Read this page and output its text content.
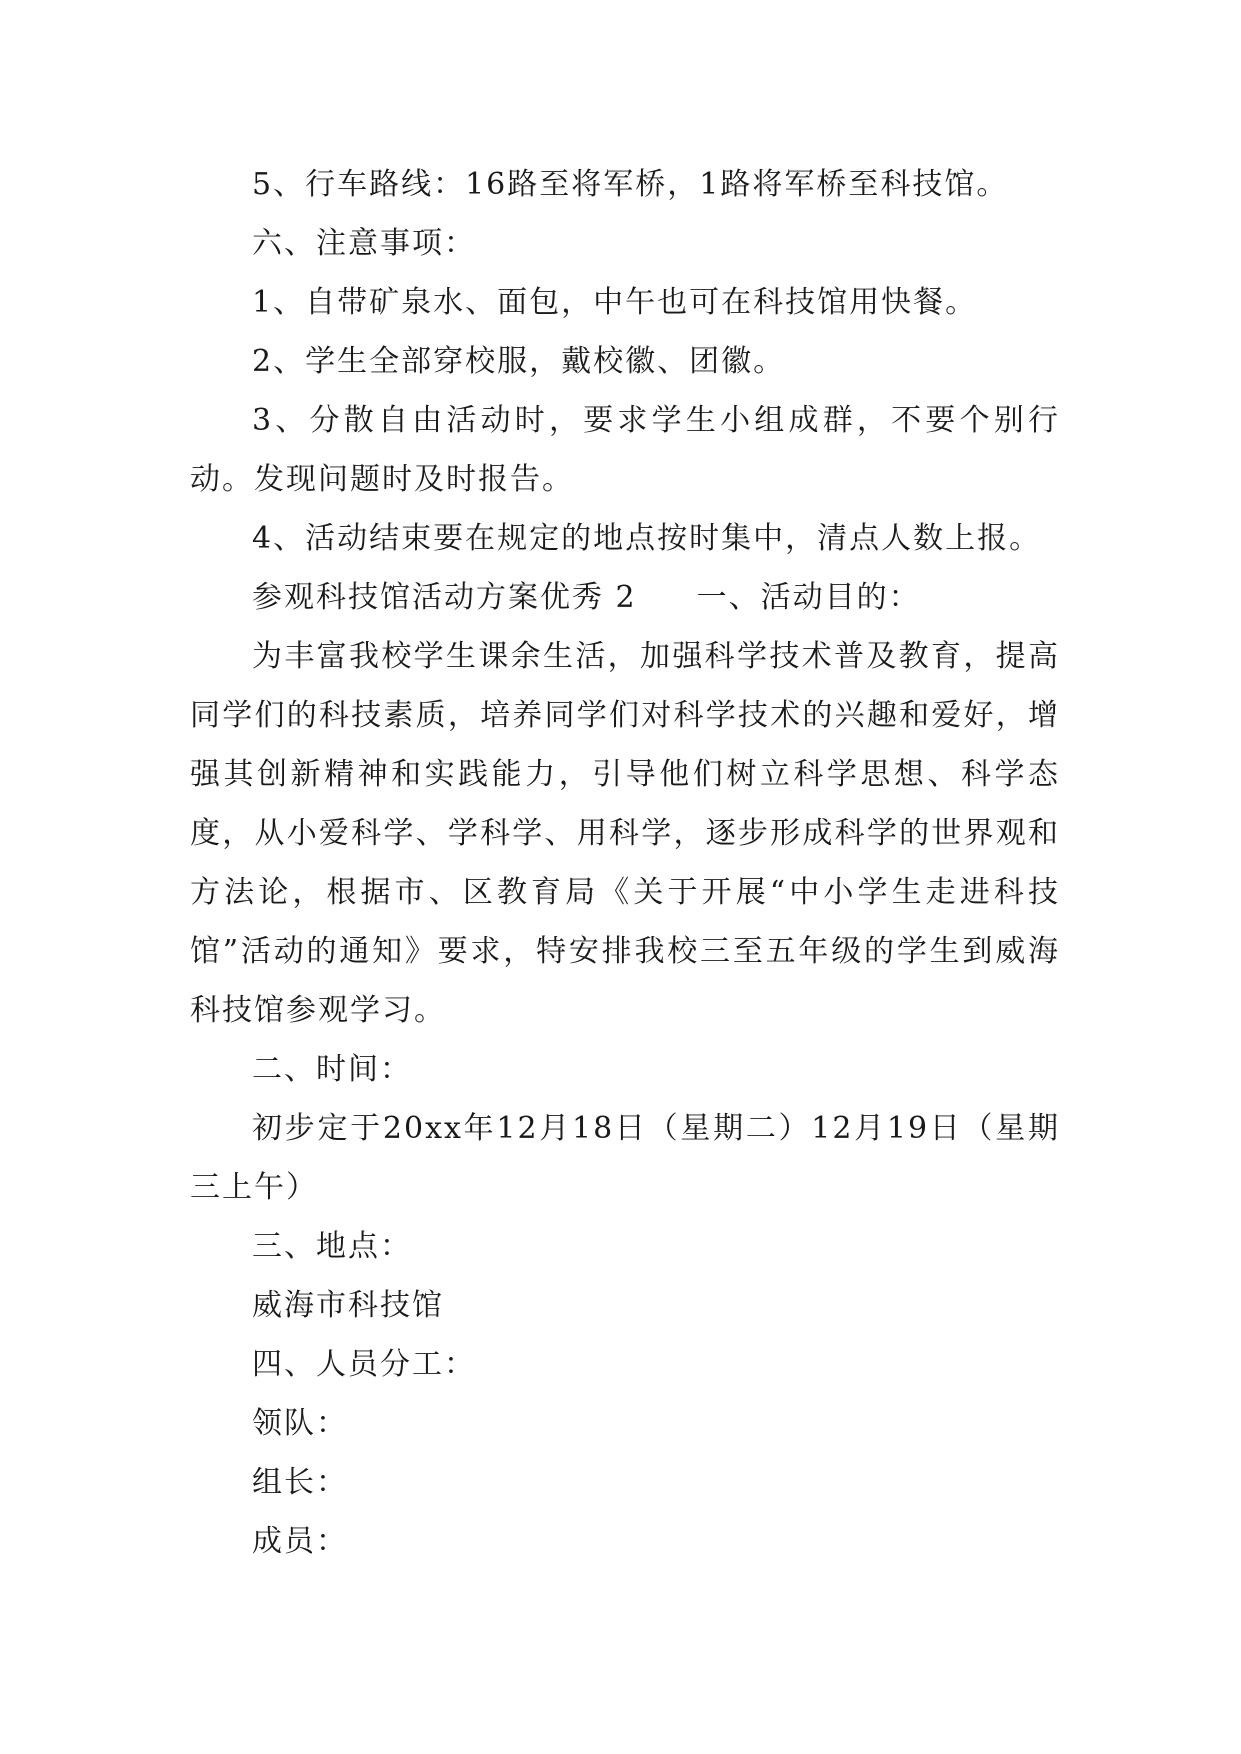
5、行车路线：16路至将军桥，1路将军桥至科技馆。

六、注意事项：

1、自带矿泉水、面包，中午也可在科技馆用快餐。

2、学生全部穿校服，戴校徽、团徽。

3、分散自由活动时，要求学生小组成群，不要个别行动。发现问题时及时报告。

4、活动结束要在规定的地点按时集中，清点人数上报。

参观科技馆活动方案优秀 2 一、活动目的：

为丰富我校学生课余生活，加强科学技术普及教育，提高同学们的科技素质，培养同学们对科学技术的兴趣和爱好，增强其创新精神和实践能力，引导他们树立科学思想、科学态度，从小爱科学、学科学、用科学，逐步形成科学的世界观和方法论，根据市、区教育局《关于开展“中小学生走进科技馆”活动的通知》要求，特安排我校三至五年级的学生到威海科技馆参观学习。

二、时间：

初步定于20xx年12月18日（星期二）12月19日（星期三上午）

三、地点：

威海市科技馆

四、人员分工：

领队：

组长：

成员：
